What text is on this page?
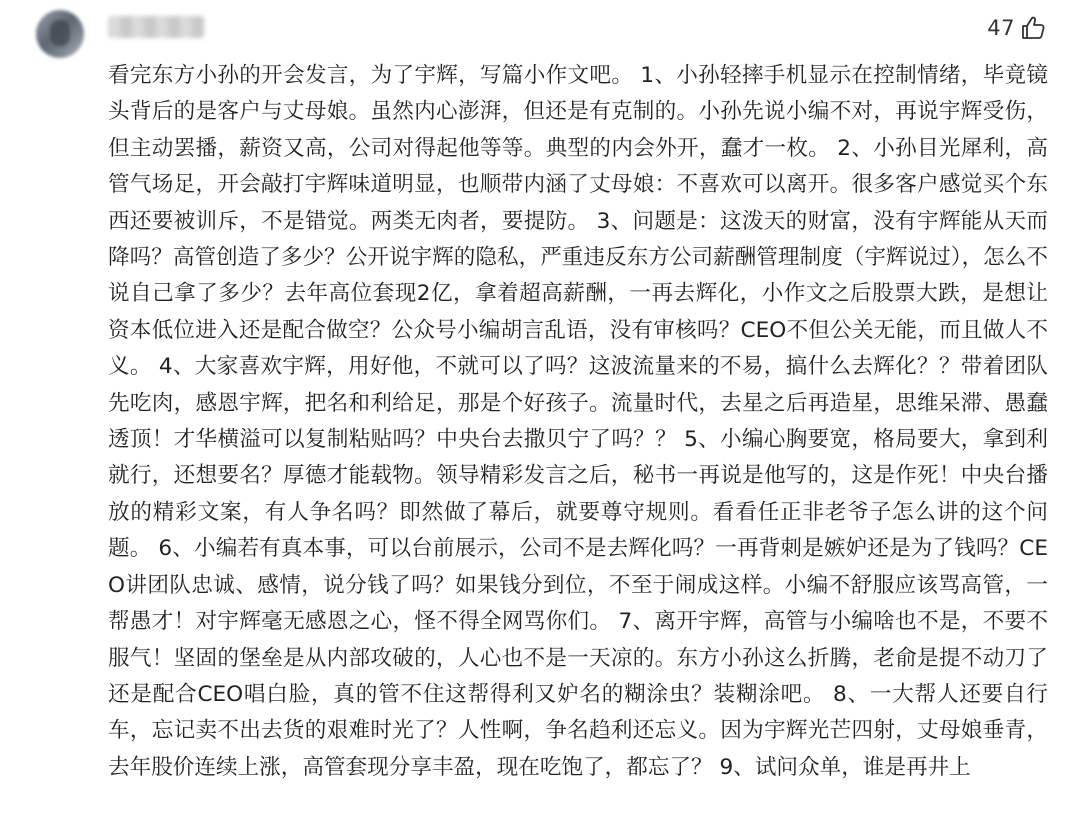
47

看完东方小孙的开会发言，为了宇辉，写篇小作文吧。 1、小孙轻摔手机显示在控制情绪，毕竟镜头背后的是客户与丈母娘。虽然内心澎湃，但还是有克制的。小孙先说小编不对，再说宇辉受伤，但主动罢播，薪资又高，公司对得起他等等。典型的内会外开，蠢才一枚。 2、小孙目光犀利，高管气场足，开会敲打宇辉味道明显，也顺带内涵了丈母娘：不喜欢可以离开。很多客户感觉买个东西还要被训斥，不是错觉。两类无肉者，要提防。 3、问题是：这泼天的财富，没有宇辉能从天而降吗？高管创造了多少？公开说宇辉的隐私，严重违反东方公司薪酬管理制度（宇辉说过），怎么不说自己拿了多少？去年高位套现2亿，拿着超高薪酬，一再去辉化，小作文之后股票大跌，是想让资本低位进入还是配合做空？公众号小编胡言乱语，没有审核吗？CEO不但公关无能，而且做人不义。 4、大家喜欢宇辉，用好他，不就可以了吗？这波流量来的不易，搞什么去辉化？？带着团队先吃肉，感恩宇辉，把名和利给足，那是个好孩子。流量时代，去星之后再造星，思维呆滞、愚蠢透顶！才华横溢可以复制粘贴吗？中央台去撒贝宁了吗？？ 5、小编心胸要宽，格局要大，拿到利就行，还想要名？厚德才能载物。领导精彩发言之后，秘书一再说是他写的，这是作死！中央台播放的精彩文案，有人争名吗？即然做了幕后，就要尊守规则。看看任正非老爷子怎么讲的这个问题。 6、小编若有真本事，可以台前展示，公司不是去辉化吗？一再背刺是嫉妒还是为了钱吗？CEO讲团队忠诚、感情，说分钱了吗？如果钱分到位，不至于闹成这样。小编不舒服应该骂高管，一帮愚才！对宇辉毫无感恩之心，怪不得全网骂你们。 7、离开宇辉，高管与小编啥也不是，不要不服气！坚固的堡垒是从内部攻破的，人心也不是一天凉的。东方小孙这么折腾，老俞是提不动刀了还是配合CEO唱白脸，真的管不住这帮得利又妒名的糊涂虫？装糊涂吧。 8、一大帮人还要自行车，忘记卖不出去货的艰难时光了？人性啊，争名趋利还忘义。因为宇辉光芒四射，丈母娘垂青，去年股价连续上涨，高管套现分享丰盈，现在吃饱了，都忘了？ 9、试问众单，谁是再井上
